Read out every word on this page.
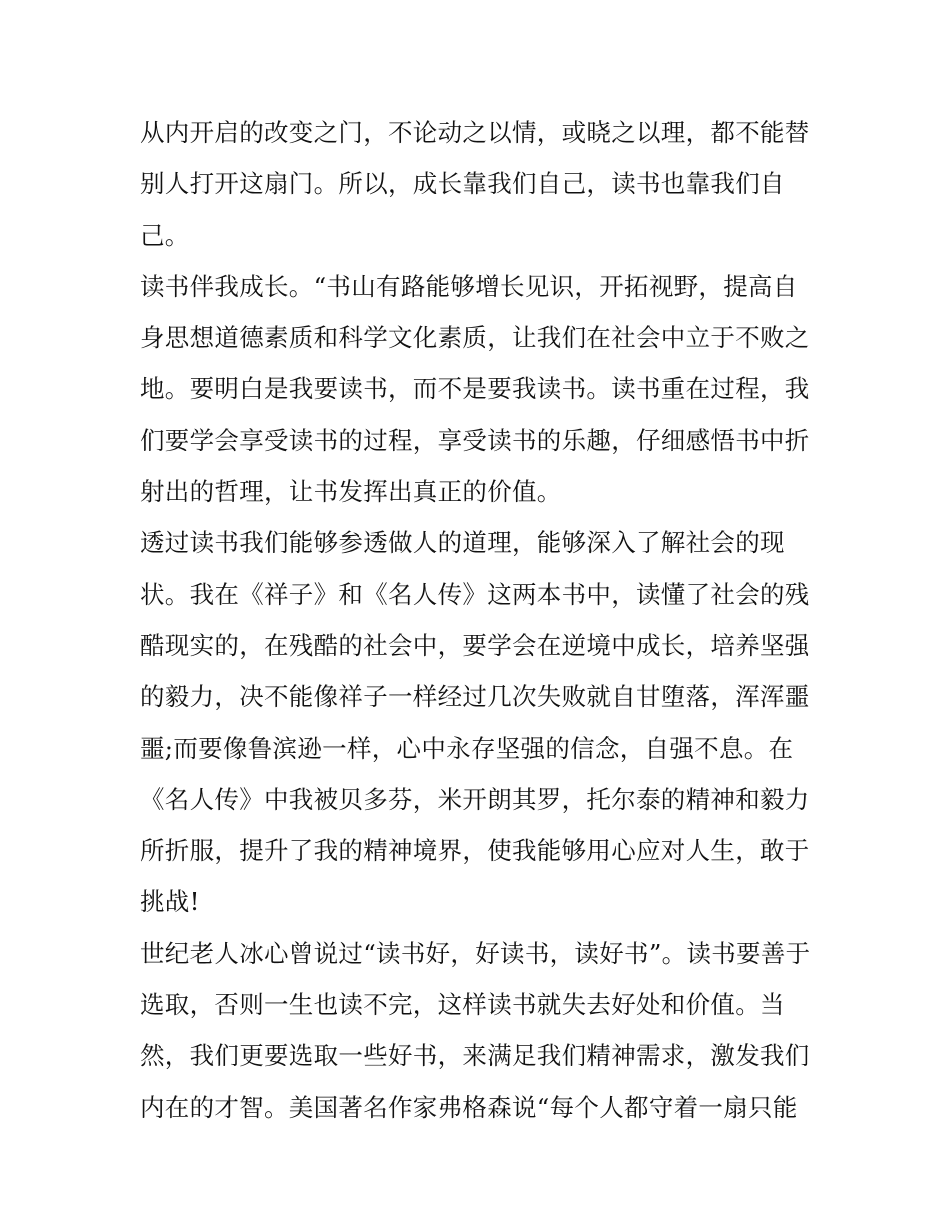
从内开启的改变之门，不论动之以情，或晓之以理，都不能替
别人打开这扇门。所以，成长靠我们自己，读书也靠我们自
己。
读书伴我成长。“书山有路能够增长见识，开拓视野，提高自
身思想道德素质和科学文化素质，让我们在社会中立于不败之
地。要明白是我要读书，而不是要我读书。读书重在过程，我
们要学会享受读书的过程，享受读书的乐趣，仔细感悟书中折
射出的哲理，让书发挥出真正的价值。
透过读书我们能够参透做人的道理，能够深入了解社会的现
状。我在《祥子》和《名人传》这两本书中，读懂了社会的残
酷现实的，在残酷的社会中，要学会在逆境中成长，培养坚强
的毅力，决不能像祥子一样经过几次失败就自甘堕落，浑浑噩
噩;而要像鲁滨逊一样，心中永存坚强的信念，自强不息。在
《名人传》中我被贝多芬，米开朗其罗，托尔泰的精神和毅力
所折服，提升了我的精神境界，使我能够用心应对人生，敢于
挑战!
世纪老人冰心曾说过“读书好，好读书，读好书”。读书要善于
选取，否则一生也读不完，这样读书就失去好处和价值。当
然，我们更要选取一些好书，来满足我们精神需求，激发我们
内在的才智。美国著名作家弗格森说“每个人都守着一扇只能
